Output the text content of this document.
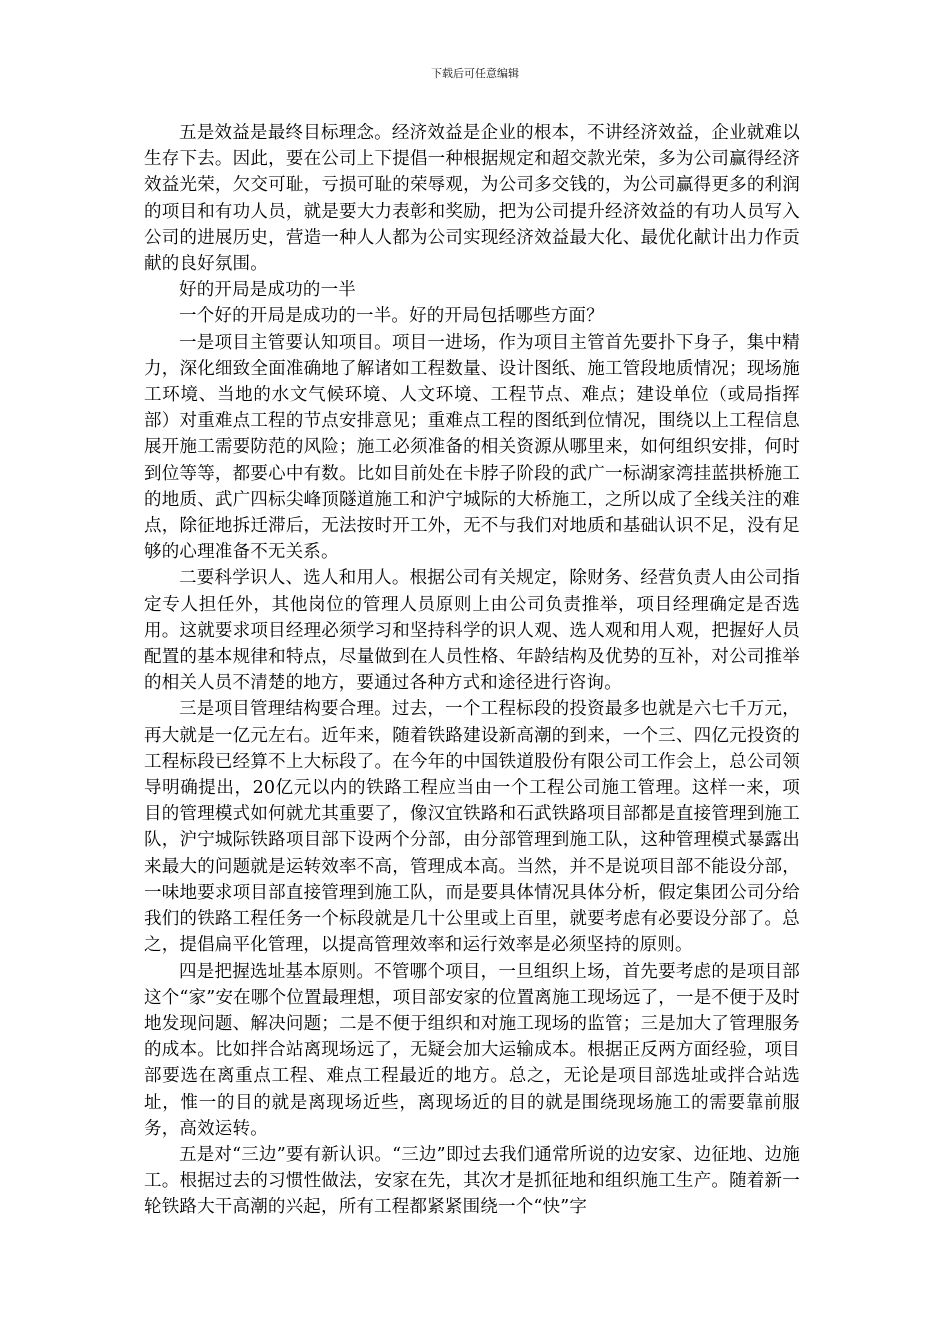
下载后可任意编辑

五是效益是最终目标理念。经济效益是企业的根本，不讲经济效益，企业就难以生存下去。因此，要在公司上下提倡一种根据规定和超交款光荣，多为公司赢得经济效益光荣，欠交可耻，亏损可耻的荣辱观，为公司多交钱的，为公司赢得更多的利润的项目和有功人员，就是要大力表彰和奖励，把为公司提升经济效益的有功人员写入公司的进展历史，营造一种人人都为公司实现经济效益最大化、最优化献计出力作贡献的良好氛围。

好的开局是成功的一半

一个好的开局是成功的一半。好的开局包括哪些方面？

一是项目主管要认知项目。项目一进场，作为项目主管首先要扑下身子，集中精力，深化细致全面准确地了解诸如工程数量、设计图纸、施工管段地质情况；现场施工环境、当地的水文气候环境、人文环境、工程节点、难点；建设单位（或局指挥部）对重难点工程的节点安排意见；重难点工程的图纸到位情况，围绕以上工程信息展开施工需要防范的风险；施工必须准备的相关资源从哪里来，如何组织安排，何时到位等等，都要心中有数。比如目前处在卡脖子阶段的武广一标湖家湾挂蓝拱桥施工的地质、武广四标尖峰顶隧道施工和沪宁城际的大桥施工，之所以成了全线关注的难点，除征地拆迁滞后，无法按时开工外，无不与我们对地质和基础认识不足，没有足够的心理准备不无关系。

二要科学识人、选人和用人。根据公司有关规定，除财务、经营负责人由公司指定专人担任外，其他岗位的管理人员原则上由公司负责推举，项目经理确定是否选用。这就要求项目经理必须学习和坚持科学的识人观、选人观和用人观，把握好人员配置的基本规律和特点，尽量做到在人员性格、年龄结构及优势的互补，对公司推举的相关人员不清楚的地方，要通过各种方式和途径进行咨询。

三是项目管理结构要合理。过去，一个工程标段的投资最多也就是六七千万元，再大就是一亿元左右。近年来，随着铁路建设新高潮的到来，一个三、四亿元投资的工程标段已经算不上大标段了。在今年的中国铁道股份有限公司工作会上，总公司领导明确提出，20亿元以内的铁路工程应当由一个工程公司施工管理。这样一来，项目的管理模式如何就尤其重要了，像汉宜铁路和石武铁路项目部都是直接管理到施工队，沪宁城际铁路项目部下设两个分部，由分部管理到施工队，这种管理模式暴露出来最大的问题就是运转效率不高，管理成本高。当然，并不是说项目部不能设分部，一味地要求项目部直接管理到施工队，而是要具体情况具体分析，假定集团公司分给我们的铁路工程任务一个标段就是几十公里或上百里，就要考虑有必要设分部了。总之，提倡扁平化管理，以提高管理效率和运行效率是必须坚持的原则。

四是把握选址基本原则。不管哪个项目，一旦组织上场，首先要考虑的是项目部这个“家”安在哪个位置最理想，项目部安家的位置离施工现场远了，一是不便于及时地发现问题、解决问题；二是不便于组织和对施工现场的监管；三是加大了管理服务的成本。比如拌合站离现场远了，无疑会加大运输成本。根据正反两方面经验，项目部要选在离重点工程、难点工程最近的地方。总之，无论是项目部选址或拌合站选址，惟一的目的就是离现场近些，离现场近的目的就是围绕现场施工的需要靠前服务，高效运转。

五是对“三边”要有新认识。“三边”即过去我们通常所说的边安家、边征地、边施工。根据过去的习惯性做法，安家在先，其次才是抓征地和组织施工生产。随着新一轮铁路大干高潮的兴起，所有工程都紧紧围绕一个“快”字
